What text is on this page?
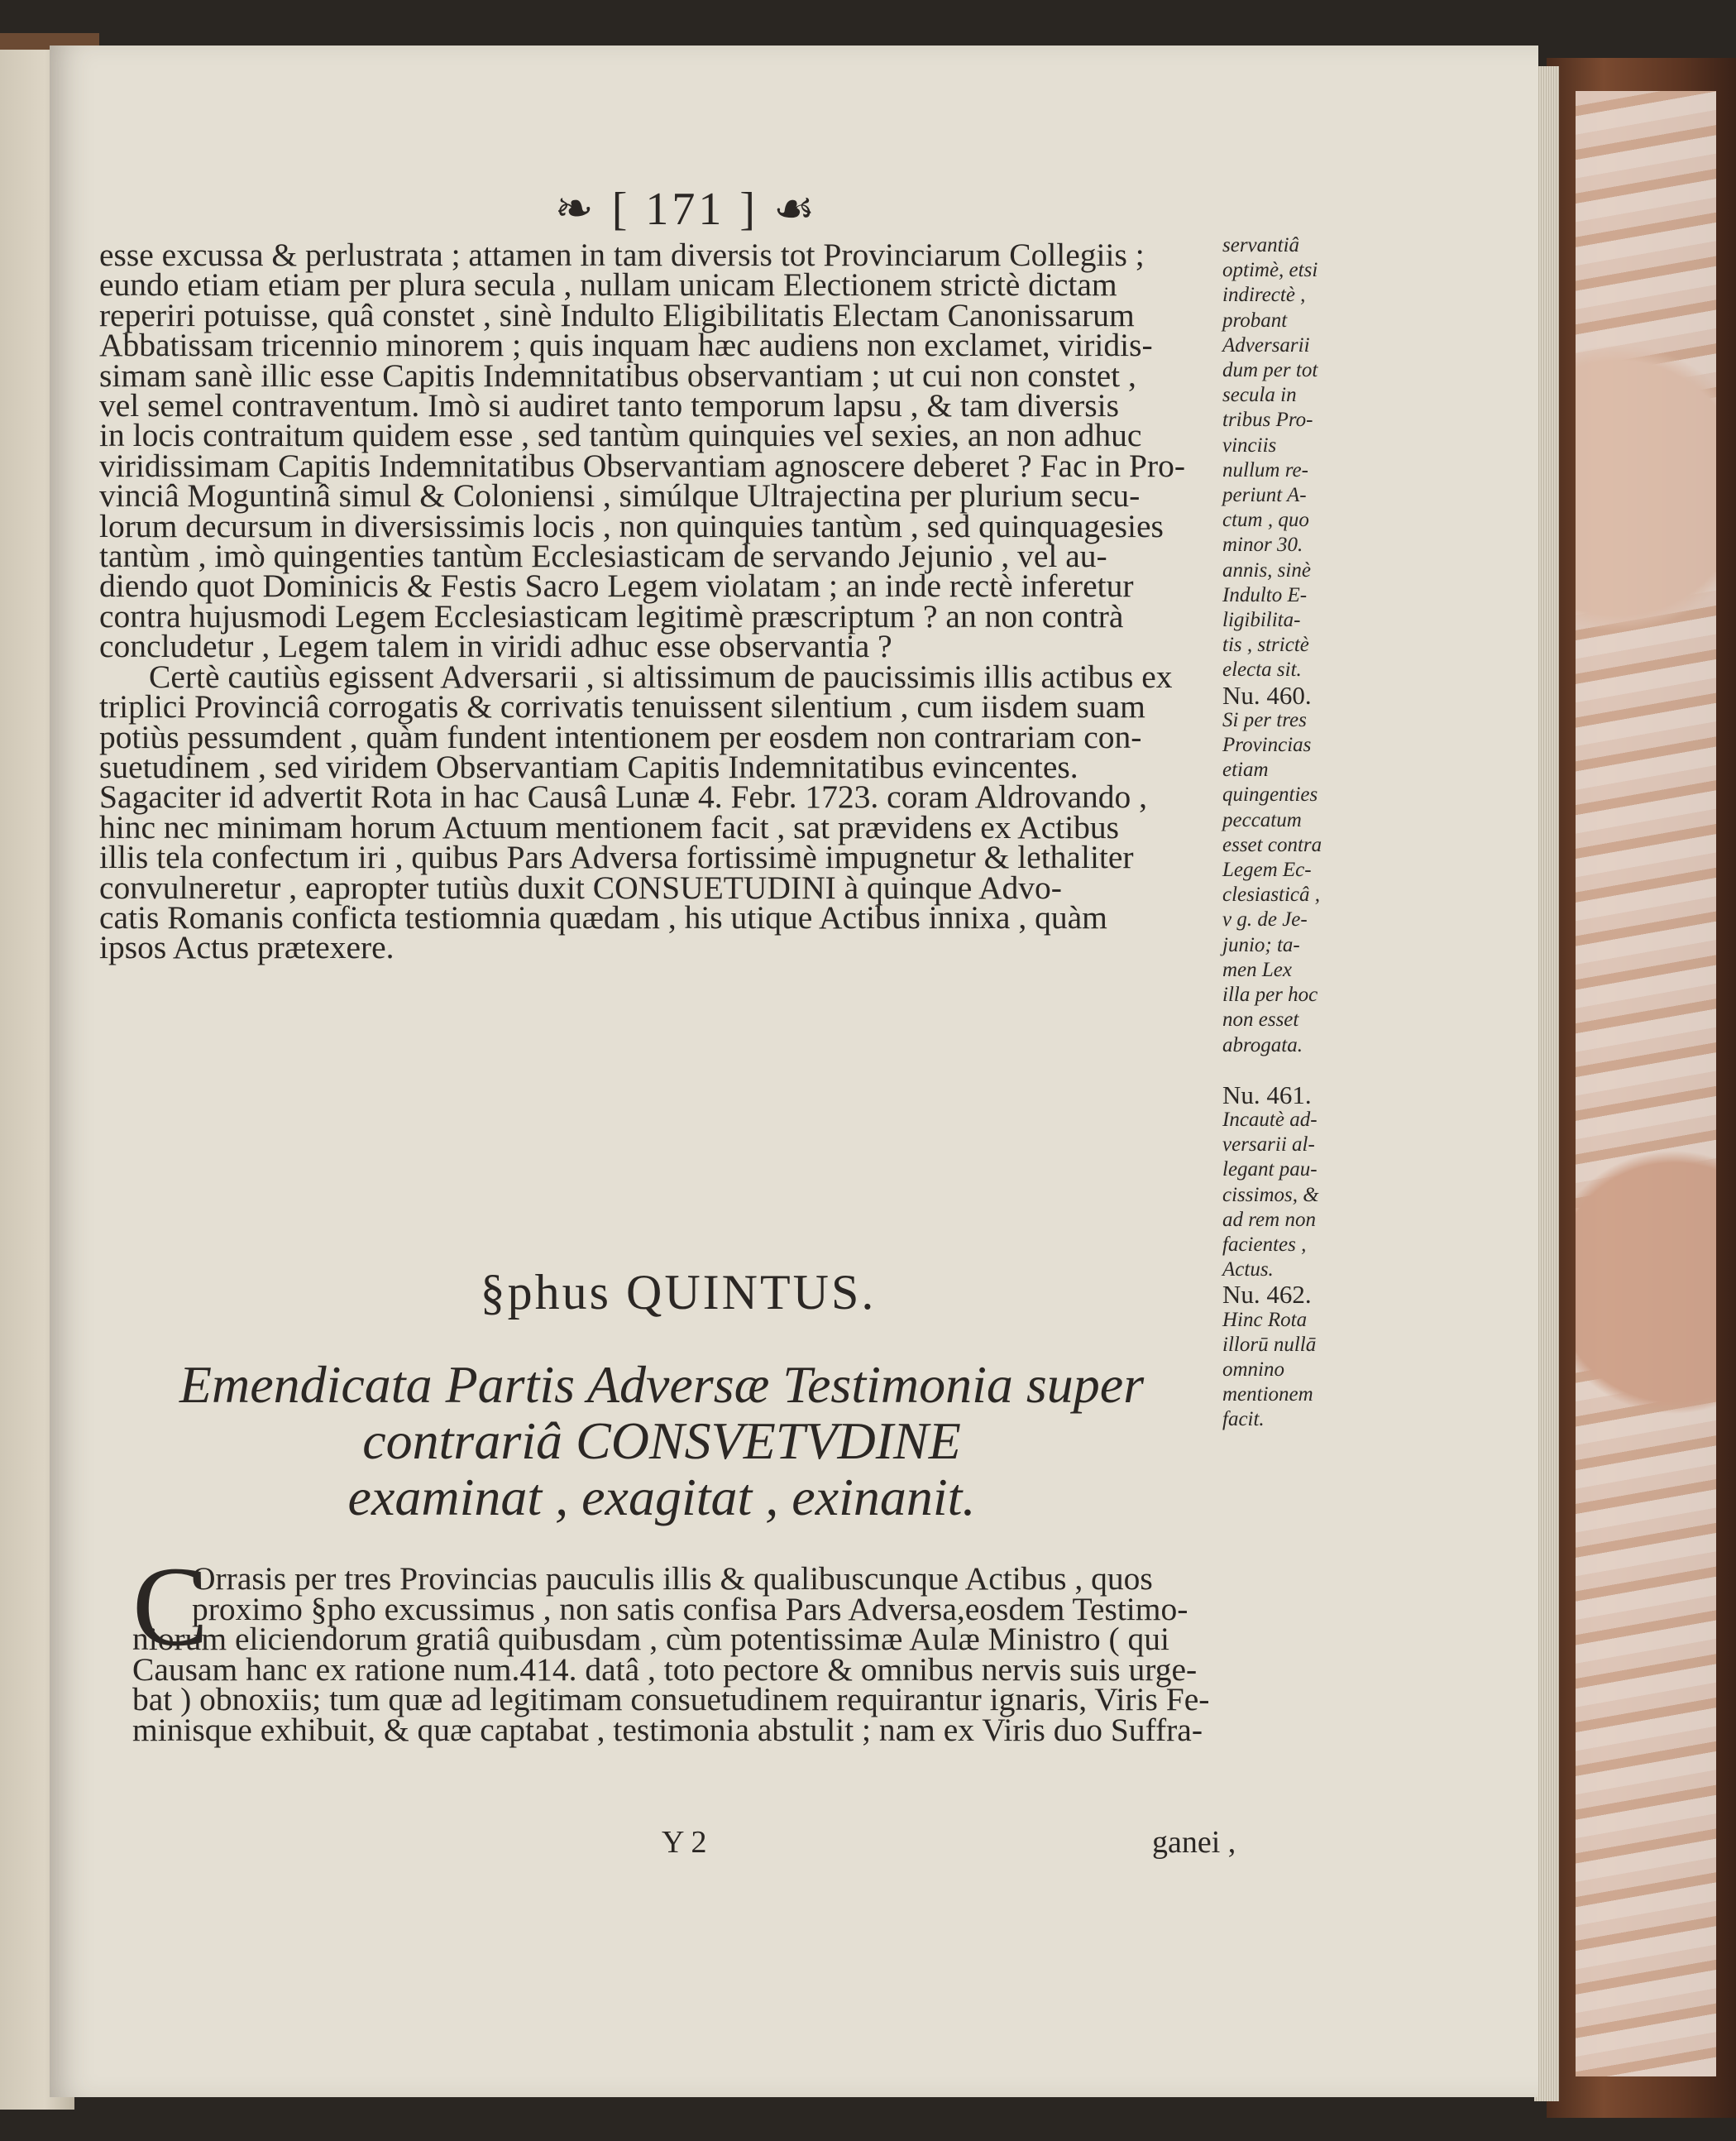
❧ [ 171 ] ☙
esse excussa & perlustrata ; attamen in tam diversis tot Provinciarum Collegiis ;
eundo etiam etiam per plura secula , nullam unicam Electionem strictè dictam
reperiri potuisse, quâ constet , sinè Indulto Eligibilitatis Electam Canonissarum
Abbatissam tricennio minorem ; quis inquam hæc audiens non exclamet, viridis-
simam sanè illic esse Capitis Indemnitatibus observantiam ; ut cui non constet ,
vel semel contraventum. Imò si audiret tanto temporum lapsu , & tam diversis
in locis contraitum quidem esse , sed tantùm quinquies vel sexies, an non adhuc
viridissimam Capitis Indemnitatibus Observantiam agnoscere deberet ? Fac in Pro-
vinciâ Moguntinâ simul & Coloniensi , simúlque Ultrajectina per plurium secu-
lorum decursum in diversissimis locis , non quinquies tantùm , sed quinquagesies
tantùm , imò quingenties tantùm Ecclesiasticam de servando Jejunio , vel au-
diendo quot Dominicis & Festis Sacro Legem violatam ; an inde rectè inferetur
contra hujusmodi Legem Ecclesiasticam legitimè præscriptum ? an non contrà
concludetur , Legem talem in viridi adhuc esse observantia ?
Certè cautiùs egissent Adversarii , si altissimum de paucissimis illis actibus ex
triplici Provinciâ corrogatis & corrivatis tenuissent silentium , cum iisdem suam
potiùs pessumdent , quàm fundent intentionem per eosdem non contrariam con-
suetudinem , sed viridem Observantiam Capitis Indemnitatibus evincentes.
Sagaciter id advertit Rota in hac Causâ Lunæ 4. Febr. 1723. coram Aldrovando ,
hinc nec minimam horum Actuum mentionem facit , sat prævidens ex Actibus
illis tela confectum iri , quibus Pars Adversa fortissimè impugnetur & lethaliter
convulneretur , eapropter tutiùs duxit CONSUETUDINI à quinque Advo-
catis Romanis conficta testiomnia quædam , his utique Actibus innixa , quàm
ipsos Actus prætexere.
§phus QUINTUS.
Emendicata Partis Adversæ Testimonia super
contrariâ CONSVETVDINE
examinat , exagitat , exinanit.
C
Orrasis per tres Provincias pauculis illis & qualibuscunque Actibus , quos
proximo §pho excussimus , non satis confisa Pars Adversa,eosdem Testimo-
niorum eliciendorum gratiâ quibusdam , cùm potentissimæ Aulæ Ministro ( qui
Causam hanc ex ratione num.414. datâ , toto pectore & omnibus nervis suis urge-
bat ) obnoxiis; tum quæ ad legitimam consuetudinem requirantur ignaris, Viris Fe-
minisque exhibuit, & quæ captabat , testimonia abstulit ; nam ex Viris duo Suffra-
Y 2	ganei ,
servantiâ
optimè, etsi
indirectè ,
probant
Adversarii
dum per tot
secula in
tribus Pro-
vinciis
nullum re-
periunt A-
ctum , quo
minor 30.
annis, sinè
Indulto E-
ligibilita-
tis , strictè
electa sit.
Nu. 460.
Si per tres
Provincias
etiam
quingenties
peccatum
esset contra
Legem Ec-
clesiasticâ ,
v g. de Je-
junio; ta-
men Lex
illa per hoc
non esset
abrogata.
Nu. 461.
Incautè ad-
versarii al-
legant pau-
cissimos, &
ad rem non
facientes ,
Actus.
Nu. 462.
Hinc Rota
illorū nullā
omnino
mentionem
facit.
